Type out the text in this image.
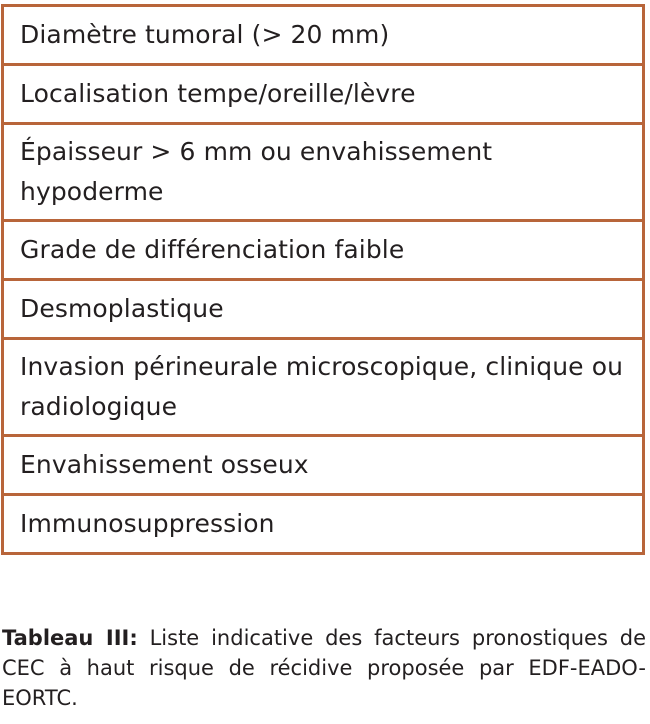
Diamètre tumoral (> 20 mm)
Localisation tempe/oreille/lèvre
Épaisseur > 6 mm ou envahissement hypoderme
Grade de différenciation faible
Desmoplastique
Invasion périneurale microscopique, clinique ou radiologique
Envahissement osseux
Immunosuppression
Tableau III: Liste indicative des facteurs pronostiques de CEC à haut risque de récidive proposée par EDF-EADO-EORTC.
